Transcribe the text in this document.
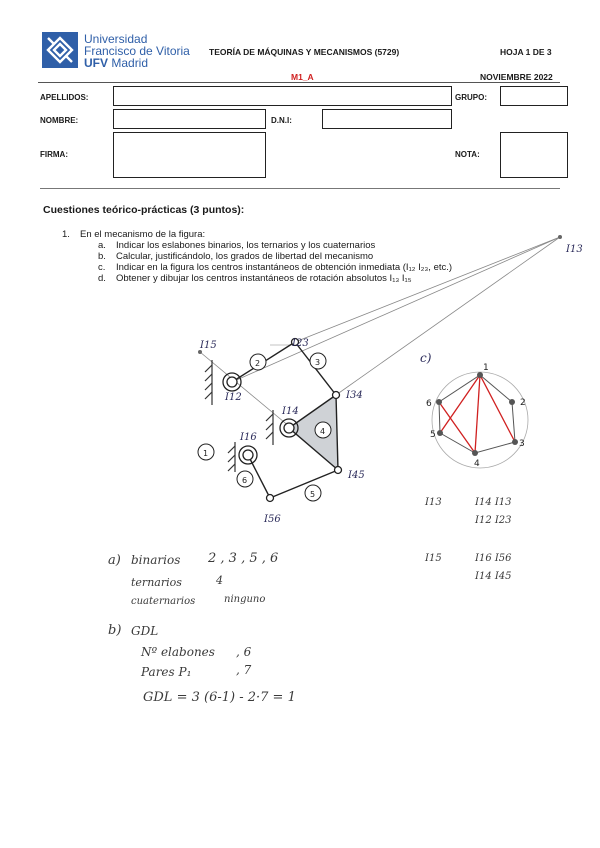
Universidad
Francisco de Vitoria
UFV Madrid
TEORÍA DE MÁQUINAS Y MECANISMOS (5729)	HOJA 1 DE 3
M1_A	NOVIEMBRE 2022
APELLIDOS:	GRUPO:
NOMBRE:	D.N.I:
FIRMA:	NOTA:
Cuestiones teórico-prácticas (3 puntos):
1. En el mecanismo de la figura:
a. Indicar los eslabones binarios, los ternarios y los cuaternarios
b. Calcular, justificándolo, los grados de libertad del mecanismo
c. Indicar en la figura los centros instantáneos de obtención inmediata (I₁₂ I₂₃, etc.)
d. Obtener y dibujar los centros instantáneos de rotación absolutos I₁₃ I₁₅
1
2	3
4
5
6
I15	I23
I12	I34
I14
I16
I45
I56
I13
c)
1
2
3
4
5
6
I13	I14 I13
I12 I23
I15	I16 I56
I14 I45
a) binarios 2 , 3 , 5 , 6
ternarios	4
cuaternarios	ninguno
b) GDL
Nº elabones , 6
Pares P₁	, 7
GDL = 3 (6-1) - 2·7 = 1
